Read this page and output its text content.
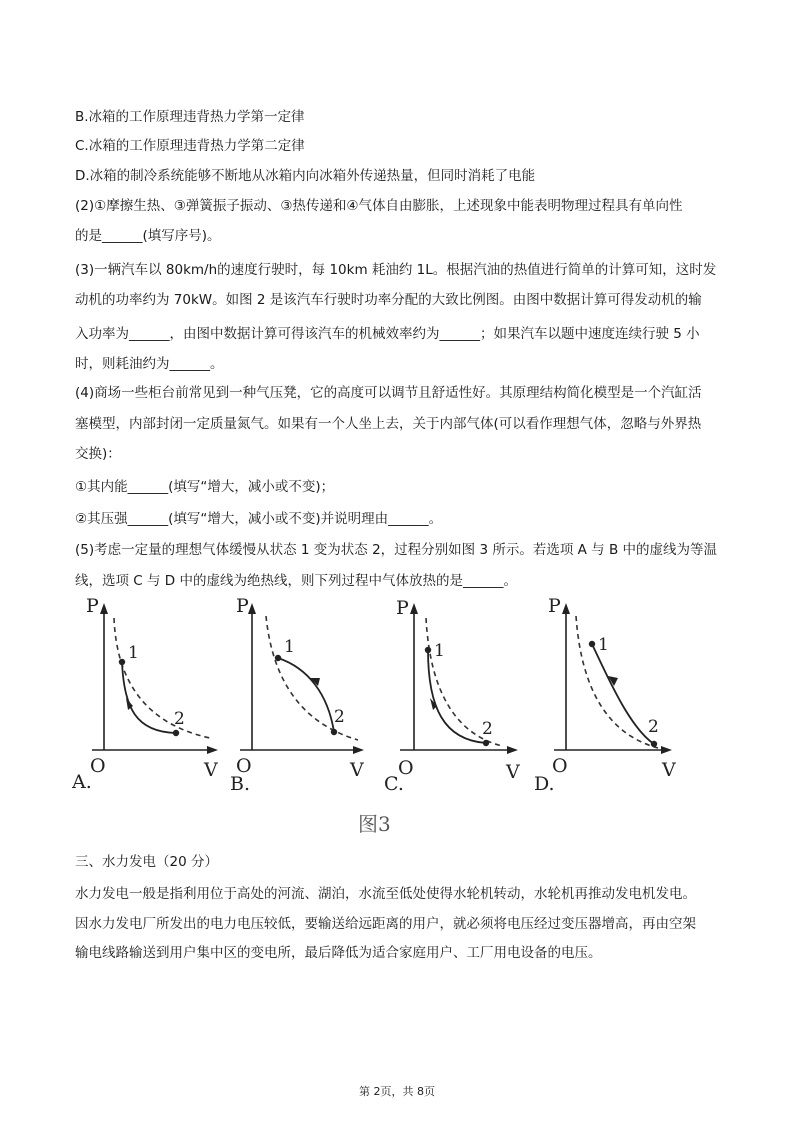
B.冰箱的工作原理违背热力学第一定律
C.冰箱的工作原理违背热力学第二定律
D.冰箱的制冷系统能够不断地从冰箱内向冰箱外传递热量，但同时消耗了电能
(2)①摩擦生热、③弹簧振子振动、③热传递和④气体自由膨胀，上述现象中能表明物理过程具有单向性
的是______(填写序号)。
(3)一辆汽车以 80km/h的速度行驶时，每 10km 耗油约 1L。根据汽油的热值进行简单的计算可知，这时发
动机的功率约为 70kW。如图 2 是该汽车行驶时功率分配的大致比例图。由图中数据计算可得发动机的输
入功率为______，由图中数据计算可得该汽车的机械效率约为______；如果汽车以题中速度连续行驶 5 小
时，则耗油约为______。
(4)商场一些柜台前常见到一种气压凳，它的高度可以调节且舒适性好。其原理结构简化模型是一个汽缸活
塞模型，内部封闭一定质量氮气。如果有一个人坐上去，关于内部气体(可以看作理想气体，忽略与外界热
交换)：
①其内能______(填写“增大，减小或不变)；
②其压强______(填写“增大，减小或不变)并说明理由______。
(5)考虑一定量的理想气体缓慢从状态 1 变为状态 2，过程分别如图 3 所示。若选项 A 与 B 中的虚线为等温
线，选项 C 与 D 中的虚线为绝热线，则下列过程中气体放热的是______。
1
2
P
V
O
A.
1
2
P
V
O
B.
1
2
P
V
O
C.
1
2
P
V
O
D.
图3
三、水力发电（20 分）
水力发电一般是指利用位于高处的河流、湖泊，水流至低处使得水轮机转动，水轮机再推动发电机发电。
因水力发电厂所发出的电力电压较低，要输送给远距离的用户，就必须将电压经过变压器增高，再由空架
输电线路输送到用户集中区的变电所，最后降低为适合家庭用户、工厂用电设备的电压。
第 2页，共 8页
